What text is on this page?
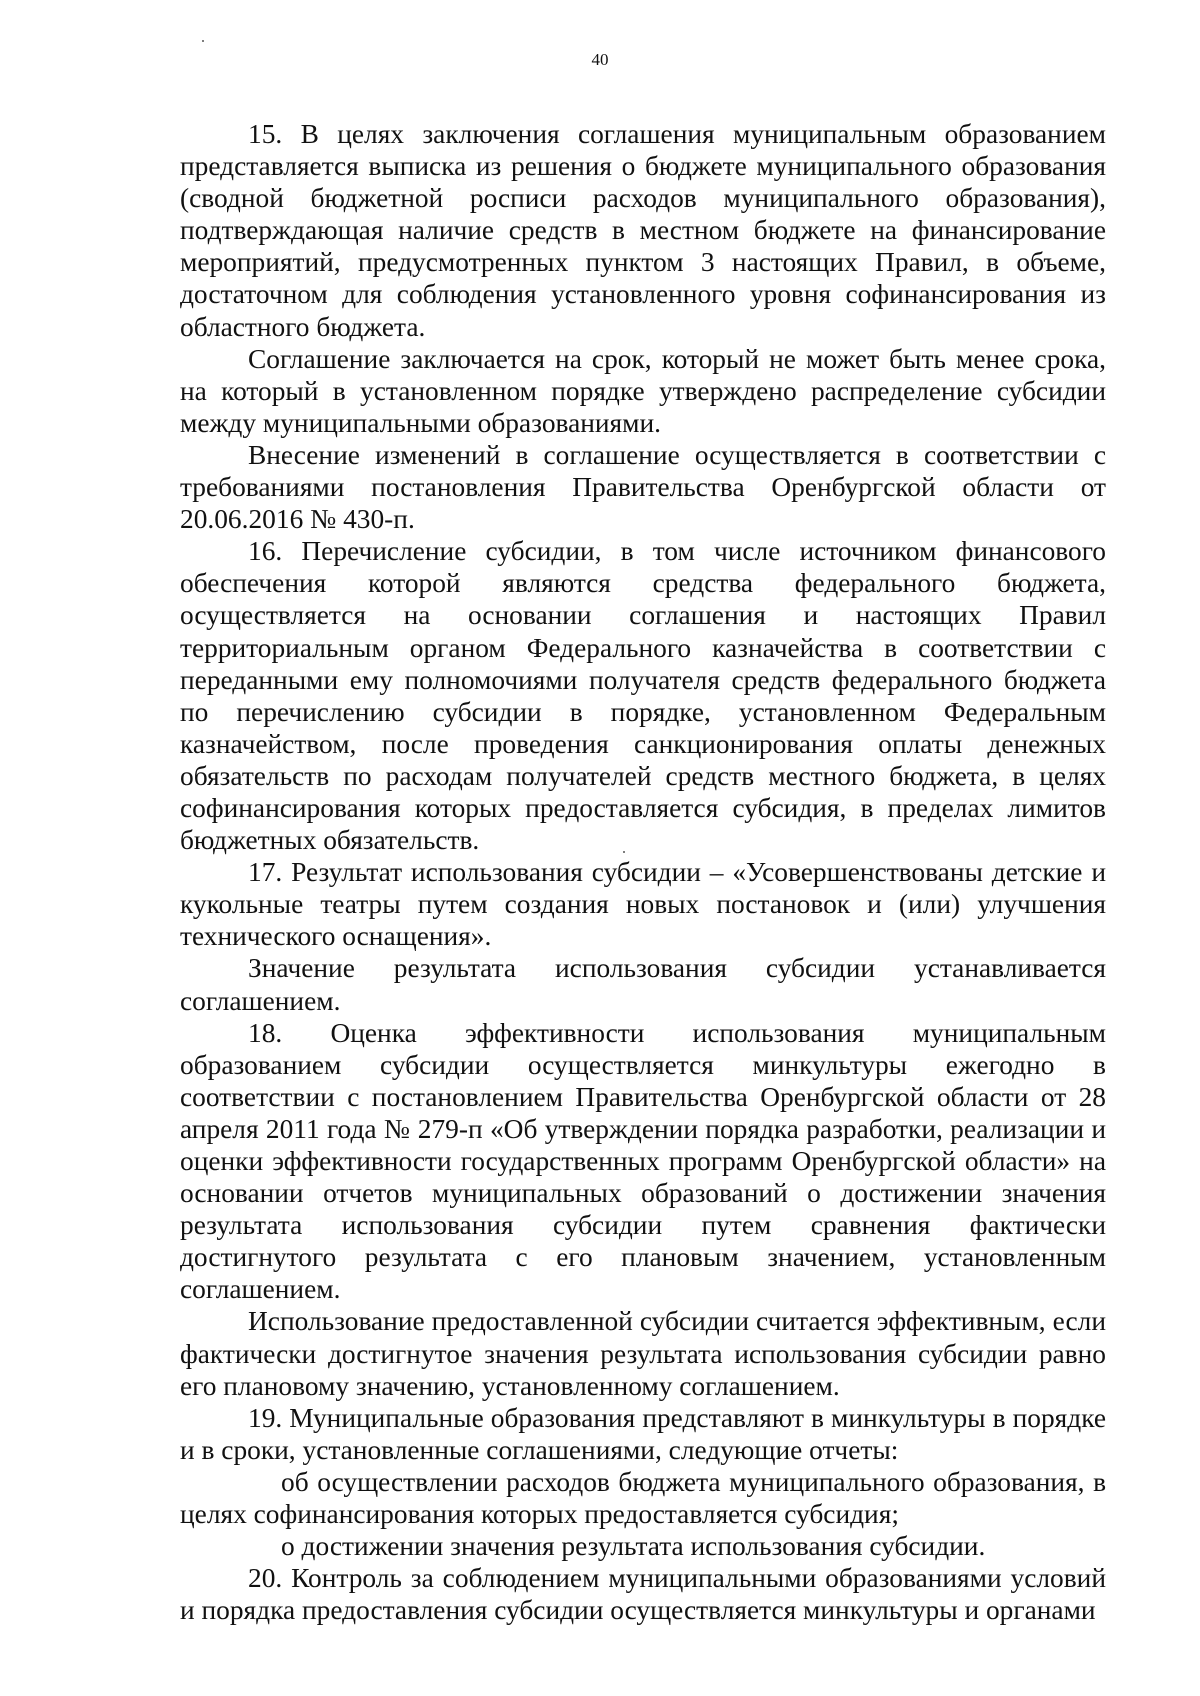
40

15. В целях заключения соглашения муниципальным образованием представляется выписка из решения о бюджете муниципального образования (сводной бюджетной росписи расходов муниципального образования), подтверждающая наличие средств в местном бюджете на финансирование мероприятий, предусмотренных пунктом 3 настоящих Правил, в объеме, достаточном для соблюдения установленного уровня софинансирования из областного бюджета.

Соглашение заключается на срок, который не может быть менее срока, на который в установленном порядке утверждено распределение субсидии между муниципальными образованиями.

Внесение изменений в соглашение осуществляется в соответствии с требованиями постановления Правительства Оренбургской области от 20.06.2016 № 430-п.

16. Перечисление субсидии, в том числе источником финансового обеспечения которой являются средства федерального бюджета, осуществляется на основании соглашения и настоящих Правил территориальным органом Федерального казначейства в соответствии с переданными ему полномочиями получателя средств федерального бюджета по перечислению субсидии в порядке, установленном Федеральным казначейством, после проведения санкционирования оплаты денежных обязательств по расходам получателей средств местного бюджета, в целях софинансирования которых предоставляется субсидия, в пределах лимитов бюджетных обязательств.

17. Результат использования субсидии – «Усовершенствованы детские и кукольные театры путем создания новых постановок и (или) улучшения технического оснащения».

Значение результата использования субсидии устанавливается соглашением.

18. Оценка эффективности использования муниципальным образованием субсидии осуществляется минкультуры ежегодно в соответствии с постановлением Правительства Оренбургской области от 28 апреля 2011 года № 279-п «Об утверждении порядка разработки, реализации и оценки эффективности государственных программ Оренбургской области» на основании отчетов муниципальных образований о достижении значения результата использования субсидии путем сравнения фактически достигнутого результата с его плановым значением, установленным соглашением.

Использование предоставленной субсидии считается эффективным, если фактически достигнутое значения результата использования субсидии равно его плановому значению, установленному соглашением.

19. Муниципальные образования представляют в минкультуры в порядке и в сроки, установленные соглашениями, следующие отчеты:

об осуществлении расходов бюджета муниципального образования, в целях софинансирования которых предоставляется субсидия;

о достижении значения результата использования субсидии.

20. Контроль за соблюдением муниципальными образованиями условий и порядка предоставления субсидии осуществляется минкультуры и органами
